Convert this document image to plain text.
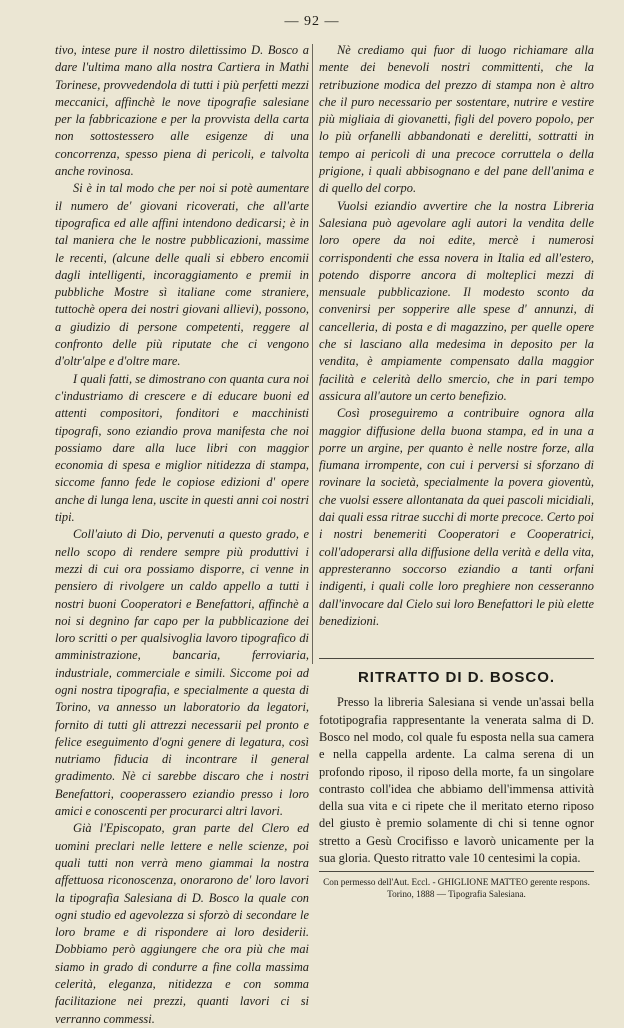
— 92 —

tivo, intese pure il nostro dilettissimo D. Bosco a dare l'ultima mano alla nostra Cartiera in Mathi Torinese, provvedendola di tutti i più perfetti mezzi meccanici, affinchè le nove tipografie salesiane per la fabbricazione e per la provvista della carta non sottostessero alle esigenze di una concorrenza, spesso piena di pericoli, e talvolta anche rovinosa.

Si è in tal modo che per noi si potè aumentare il numero de' giovani ricoverati, che all'arte tipografica ed alle affini intendono dedicarsi; è in tal maniera che le nostre pubblicazioni, massime le recenti, (alcune delle quali si ebbero encomii dagli intelligenti, incoraggiamento e premii in pubbliche Mostre sì italiane come straniere, tuttochè opera dei nostri giovani allievi), possono, a giudizio di persone competenti, reggere al confronto delle più riputate che ci vengono d'oltr'alpe e d'oltre mare.

I quali fatti, se dimostrano con quanta cura noi c'industriamo di crescere e di educare buoni ed attenti compositori, fonditori e macchinisti tipografi, sono eziandio prova manifesta che noi possiamo dare alla luce libri con maggior economia di spesa e miglior nitidezza di stampa, siccome fanno fede le copiose edizioni d' opere anche di lunga lena, uscite in questi anni coi nostri tipi.

Coll'aiuto di Dio, pervenuti a questo grado, e nello scopo di rendere sempre più produttivi i mezzi di cui ora possiamo disporre, ci venne in pensiero di rivolgere un caldo appello a tutti i nostri buoni Cooperatori e Benefattori, affinchè a noi si degnino far capo per la pubblicazione dei loro scritti o per qualsivoglia lavoro tipografico di amministrazione, bancaria, ferroviaria, industriale, commerciale e simili. Siccome poi ad ogni nostra tipografia, e specialmente a questa di Torino, va annesso un laboratorio da legatori, fornito di tutti gli attrezzi necessarii pel pronto e felice eseguimento d'ogni genere di legatura, così nutriamo fiducia di incontrare il general gradimento. Nè ci sarebbe discaro che i nostri Benefattori, cooperassero eziandio presso i loro amici e conoscenti per procurarci altri lavori.

Già l'Episcopato, gran parte del Clero ed uomini preclari nelle lettere e nelle scienze, poi quali tutti non verrà meno giammai la nostra affettuosa riconoscenza, onorarono de' loro lavori la tipografia Salesiana di D. Bosco la quale con ogni studio ed agevolezza si sforzò di secondare le loro brame e di rispondere ai loro desiderii. Dobbiamo però aggiungere che ora più che mai siamo in grado di condurre a fine colla massima celerità, eleganza, nitidezza e con somma facilitazione nei prezzi, quanti lavori ci si verranno commessi.

Nè crediamo qui fuor di luogo richiamare alla mente dei benevoli nostri committenti, che la retribuzione modica del prezzo di stampa non è altro che il puro necessario per sostentare, nutrire e vestire più migliaia di giovanetti, figli del povero popolo, per lo più orfanelli abbandonati e derelitti, sottratti in tempo ai pericoli di una precoce corruttela o della prigione, i quali abbisognano e del pane dell'anima e di quello del corpo.

Vuolsi eziandio avvertire che la nostra Libreria Salesiana può agevolare agli autori la vendita delle loro opere da noi edite, mercè i numerosi corrispondenti che essa novera in Italia ed all'estero, potendo disporre ancora di molteplici mezzi di mensuale pubblicazione. Il modesto sconto da convenirsi per sopperire alle spese d' annunzi, di cancelleria, di posta e di magazzino, per quelle opere che si lasciano alla medesima in deposito per la vendita, è ampiamente compensato dalla maggior facilità e celerità dello smercio, che in pari tempo assicura all'autore un certo benefizio.

Così proseguiremo a contribuire ognora alla maggior diffusione della buona stampa, ed in una a porre un argine, per quanto è nelle nostre forze, alla fiumana irrompente, con cui i perversi si sforzano di rovinare la società, specialmente la povera gioventù, che vuolsi essere allontanata da quei pascoli micidiali, dai quali essa ritrae succhi di morte precoce. Certo poi i nostri benemeriti Cooperatori e Cooperatrici, coll'adoperarsi alla diffusione della verità e della vita, appresteranno soccorso eziandio a tanti orfani indigenti, i quali colle loro preghiere non cesseranno dall'invocare dal Cielo sui loro Benefattori le più elette benedizioni.

RITRATTO DI D. BOSCO.

Presso la libreria Salesiana si vende un'assai bella fototipografia rappresentante la venerata salma di D. Bosco nel modo, col quale fu esposta nella sua camera e nella cappella ardente. La calma serena di un profondo riposo, il riposo della morte, fa un singolare contrasto coll'idea che abbiamo dell'immensa attività della sua vita e ci ripete che il meritato eterno riposo del giusto è premio solamente di chi si tenne ognor stretto a Gesù Crocifisso e lavorò unicamente per la sua gloria. Questo ritratto vale 10 centesimi la copia.

Con permesso dell'Aut. Eccl. - GHIGLIONE MATTEO gerente respons.
Torino, 1888 — Tipografia Salesiana.
